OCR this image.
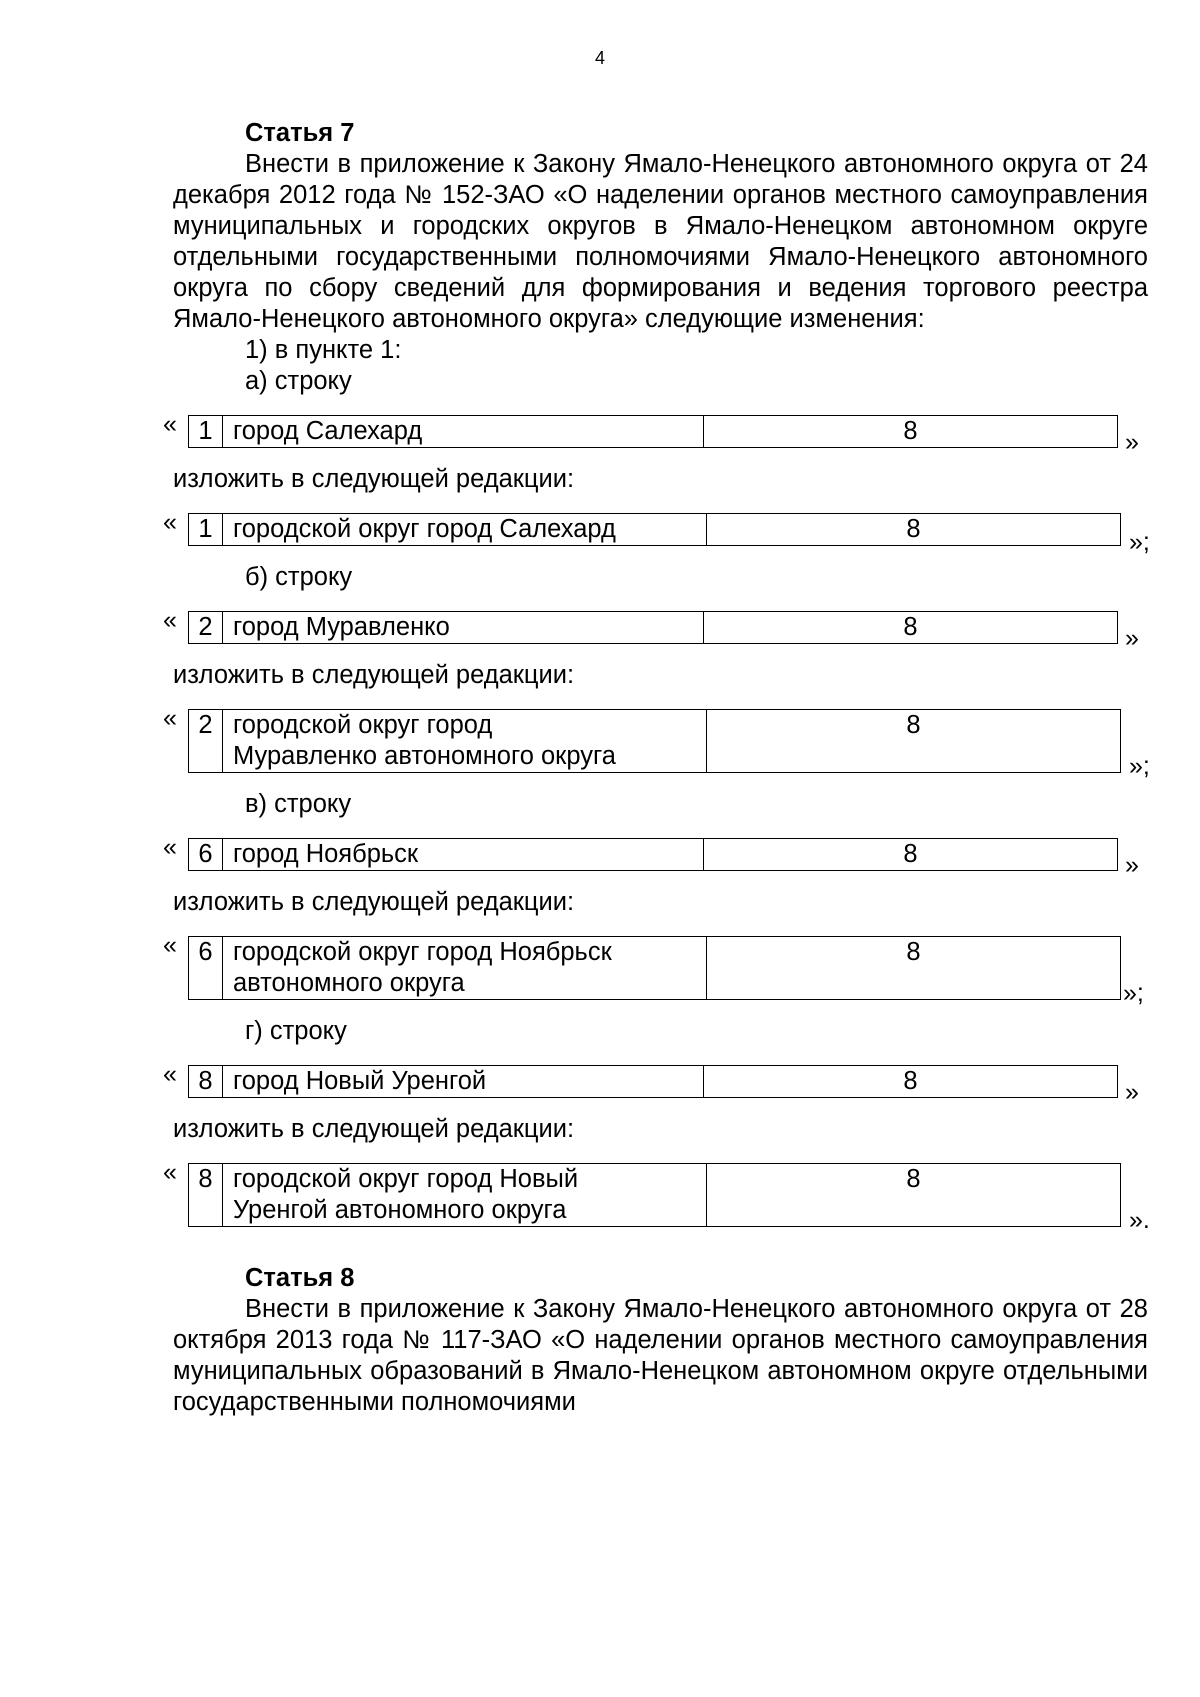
4

Статья 7

Внести в приложение к Закону Ямало-Ненецкого автономного округа от 24 декабря 2012 года № 152-ЗАО «О наделении органов местного самоуправления муниципальных и городских округов в Ямало-Ненецком автономном округе отдельными государственными полномочиями Ямало-Ненецкого автономного округа по сбору сведений для формирования и ведения торгового реестра Ямало-Ненецкого автономного округа» следующие изменения:

1) в пункте 1:

а) строку

« 1	город Салехард	8	»

изложить в следующей редакции:

« 1	городской округ город Салехард	8	»;

б) строку

« 2	город Муравленко	8	»

изложить в следующей редакции:

« 2	городской округ город
Муравленко автономного округа
	8
»;

в) строку

« 6	город Ноябрьск	8	»

изложить в следующей редакции:

« 6	городской округ город Ноябрьск
автономного округа
	8
»;

г) строку

« 8	город Новый Уренгой	8	»

изложить в следующей редакции:

« 8	городской округ город Новый
Уренгой автономного округа
	8
».

Статья 8

Внести в приложение к Закону Ямало-Ненецкого автономного округа от 28 октября 2013 года № 117-ЗАО «О наделении органов местного самоуправления муниципальных образований в Ямало-Ненецком автономном округе отдельными государственными полномочиями
